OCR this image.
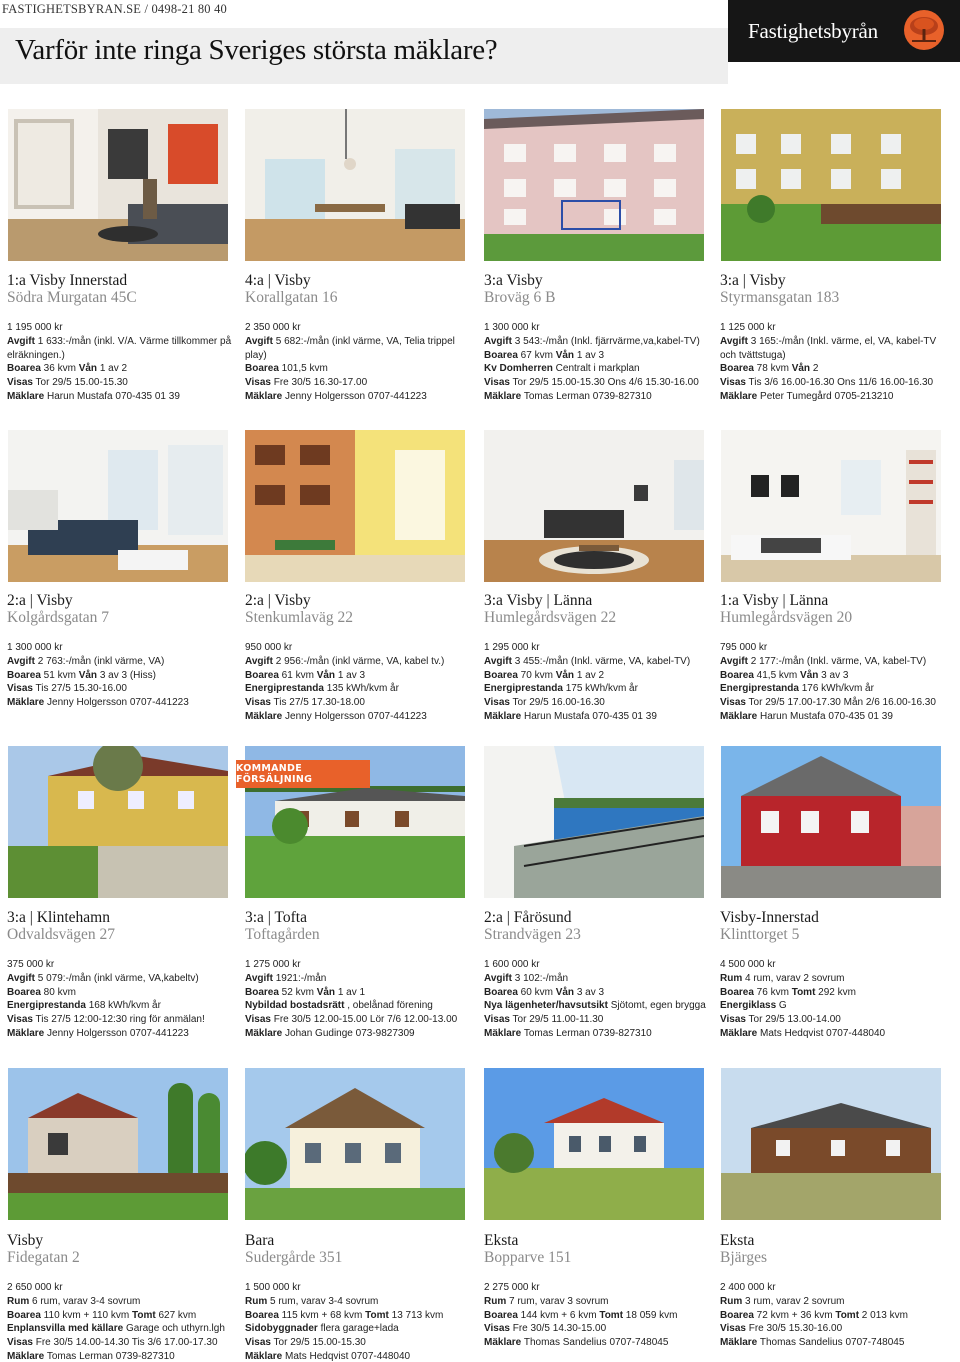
FASTIGHETSBYRAN.SE / 0498-21 80 40
Varför inte ringa Sveriges största mäklare?
Fastighetsbyrån
KOMMANDE FÖRSÄLJNING
1:a Visby Innerstad
Södra Murgatan 45C
1 195 000 kr
Avgift 1 633:-/mån (inkl. V/A. Värme tillkommer på elräkningen.)
Boarea 36 kvm Vån 1 av 2
Visas Tor 29/5 15.00-15.30
Mäklare Harun Mustafa 070-435 01 39
4:a | Visby
Korallgatan 16
2 350 000 kr
Avgift 5 682:-/mån (inkl värme, VA, Telia trippel play)
Boarea 101,5 kvm
Visas Fre 30/5 16.30-17.00
Mäklare Jenny Holgersson 0707-441223
3:a Visby
Broväg 6 B
1 300 000 kr
Avgift 3 543:-/mån (Inkl. fjärrvärme,va,kabel-TV)
Boarea 67 kvm Vån 1 av 3
Kv Domherren Centralt i markplan
Visas Tor 29/5 15.00-15.30 Ons 4/6 15.30-16.00
Mäklare Tomas Lerman 0739-827310
3:a | Visby
Styrmansgatan 183
1 125 000 kr
Avgift 3 165:-/mån (Inkl. värme, el, VA, kabel-TV och tvättstuga)
Boarea 78 kvm Vån 2
Visas Tis 3/6 16.00-16.30 Ons 11/6 16.00-16.30
Mäklare Peter Tumegård 0705-213210
2:a | Visby
Kolgårdsgatan 7
1 300 000 kr
Avgift 2 763:-/mån (inkl värme, VA)
Boarea 51 kvm Vån 3 av 3 (Hiss)
Visas Tis 27/5 15.30-16.00
Mäklare Jenny Holgersson 0707-441223
2:a | Visby
Stenkumlaväg 22
950 000 kr
Avgift 2 956:-/mån (inkl värme, VA, kabel tv.)
Boarea 61 kvm Vån 1 av 3
Energiprestanda 135 kWh/kvm år
Visas Tis 27/5 17.30-18.00
Mäklare Jenny Holgersson 0707-441223
3:a Visby | Länna
Humlegårdsvägen 22
1 295 000 kr
Avgift 3 455:-/mån (Inkl. värme, VA, kabel-TV)
Boarea 70 kvm Vån 1 av 2
Energiprestanda 175 kWh/kvm år
Visas Tor 29/5 16.00-16.30
Mäklare Harun Mustafa 070-435 01 39
1:a Visby | Länna
Humlegårdsvägen 20
795 000 kr
Avgift 2 177:-/mån (Inkl. värme, VA, kabel-TV)
Boarea 41,5 kvm Vån 3 av 3
Energiprestanda 176 kWh/kvm år
Visas Tor 29/5 17.00-17.30 Mån 2/6 16.00-16.30
Mäklare Harun Mustafa 070-435 01 39
3:a | Klintehamn
Odvaldsvägen 27
375 000 kr
Avgift 5 079:-/mån (inkl värme, VA,kabeltv)
Boarea 80 kvm
Energiprestanda 168 kWh/kvm år
Visas Tis 27/5 12:00-12:30 ring för anmälan!
Mäklare Jenny Holgersson 0707-441223
3:a | Tofta
Toftagården
1 275 000 kr
Avgift 1921:-/mån
Boarea 52 kvm Vån 1 av 1
Nybildad bostadsrätt , obelånad förening
Visas Fre 30/5 12.00-15.00 Lör 7/6 12.00-13.00
Mäklare Johan Gudinge 073-9827309
2:a | Fårösund
Strandvägen 23
1 600 000 kr
Avgift 3 102:-/mån
Boarea 60 kvm Vån 3 av 3
Nya lägenheter/havsutsikt Sjötomt, egen brygga
Visas Tor 29/5 11.00-11.30
Mäklare Tomas Lerman 0739-827310
Visby-Innerstad
Klinttorget 5
4 500 000 kr
Rum 4 rum, varav 2 sovrum
Boarea 76 kvm Tomt 292 kvm
Energiklass G
Visas Tor 29/5 13.00-14.00
Mäklare Mats Hedqvist 0707-448040
Visby
Fidegatan 2
2 650 000 kr
Rum 6 rum, varav 3-4 sovrum
Boarea 110 kvm + 110 kvm Tomt 627 kvm
Enplansvilla med källare Garage och uthyrn.lgh
Visas Fre 30/5 14.00-14.30 Tis 3/6 17.00-17.30
Mäklare Tomas Lerman 0739-827310
Bara
Sudergårde 351
1 500 000 kr
Rum 5 rum, varav 3-4 sovrum
Boarea 115 kvm + 68 kvm Tomt 13 713 kvm
Sidobyggnader flera garage+lada
Visas Tor 29/5 15.00-15.30
Mäklare Mats Hedqvist 0707-448040
Eksta
Bopparve 151
2 275 000 kr
Rum 7 rum, varav 3 sovrum
Boarea 144 kvm + 6 kvm Tomt 18 059 kvm
Visas Fre 30/5 14.30-15.00
Mäklare Thomas Sandelius 0707-748045
Eksta
Bjärges
2 400 000 kr
Rum 3 rum, varav 2 sovrum
Boarea 72 kvm + 36 kvm Tomt 2 013 kvm
Visas Fre 30/5 15.30-16.00
Mäklare Thomas Sandelius 0707-748045
